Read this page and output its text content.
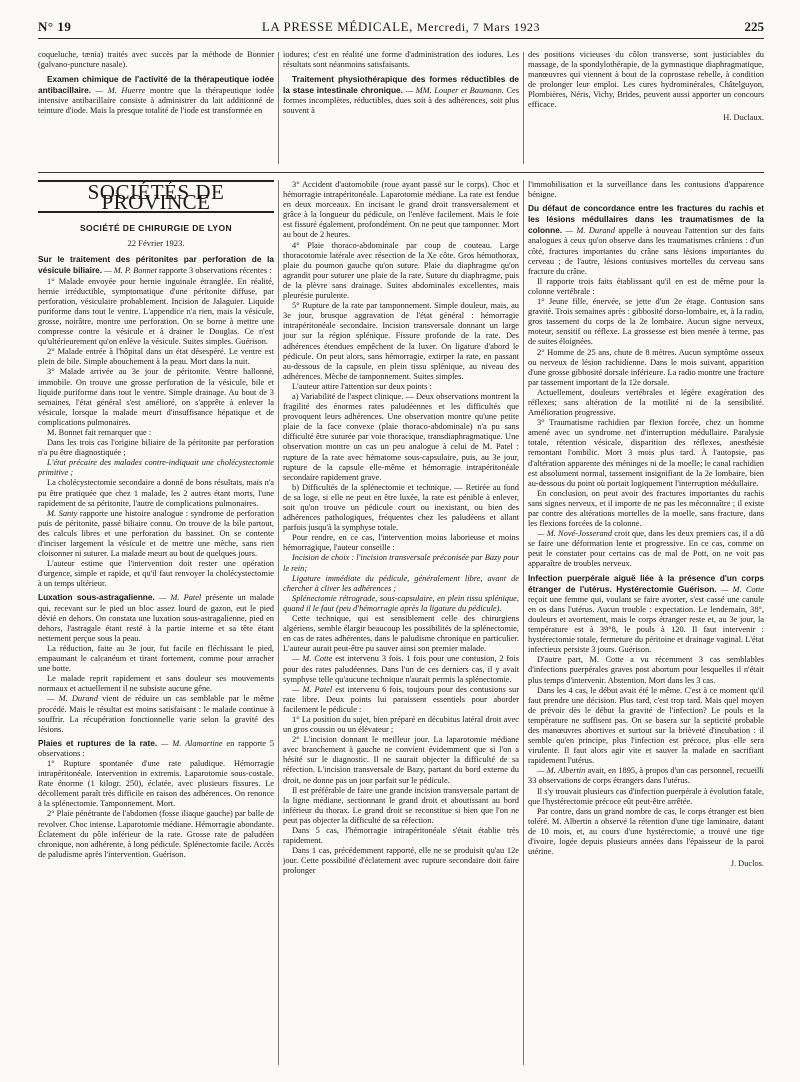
N° 19	LA PRESSE MÉDICALE, Mercredi, 7 Mars 1923	225

coqueluche, tænia) traités avec succès par la méthode de Bonnier (galvano-puncture nasale).

Examen chimique de l'activité de la thérapeutique iodée antibacillaire. — M. Huerre montre que la thérapeutique iodée intensive antibacillaire consiste à administrer du lait additionné de teinture d'iode. Mais la presque totalité de l'iode est transformée en

iodures; c'est en réalité une forme d'administration des iodures. Les résultats sont néanmoins satisfaisants.

Traitement physiothérapique des formes réductibles de la stase intestinale chronique. — MM. Louper et Baumann. Ces formes incomplètes, réductibles, dues soit à des adhérences, soit plus souvent à

des positions vicieuses du côlon transverse, sont justiciables du massage, de la spondylothérapie, de la gymnastique diaphragmatique, manœuvres qui viennent à bout de la coprostase rebelle, à condition de prolonger leur emploi. Les cures hydrominérales, Châtelguyon, Plombières, Néris, Vichy, Brides, peuvent aussi apporter un concours efficace.

H. Duclaux.
SOCIÉTÉS DE PROVINCE
SOCIÉTÉ DE CHIRURGIE DE LYON
22 Février 1923.

Sur le traitement des péritonites par perforation de la vésicule biliaire. — M. P. Bonnet rapporte 3 observations récentes :

1° Malade envoyée pour hernie inguinale étranglée. En réalité, hernie irréductible, symptomatique d'une péritonite diffuse, par perforation, vésiculaire probablement. Incision de Jalaguier. Liquide puriforme dans tout le ventre. L'appendice n'a rien, mais la vésicule, grosse, noirâtre, montre une perforation. On se borne à mettre une compresse contre la vésicule et à drainer le Douglas. Ce n'est qu'ultérieurement qu'on enlève la vésicule. Suites simples. Guérison.

2° Malade entrée à l'hôpital dans un état désespéré. Le ventre est plein de bile. Simple abouchement à la peau. Mort dans la nuit.

3° Malade arrivée au 3e jour de péritonite. Ventre ballonné, immobile. On trouve une grosse perforation de la vésicule, bile et liquide puriforme dans tout le ventre. Simple drainage. Au bout de 3 semaines, l'état général s'est amélioré, on s'apprête à enlever la vésicule, lorsque la malade meurt d'insuffisance hépatique et de complications pulmonaires.

M. Bonnet fait remarquer que :

Dans les trois cas l'origine biliaire de la péritonite par perforation n'a pu être diagnostiquée ;

L'état précaire des malades contre-indiquait une cholécystectomie primitive ;

La cholécystectomie secondaire a donné de bons résultats, mais n'a pu être pratiquée que chez 1 malade, les 2 autres étant morts, l'une rapidement de sa péritonite, l'autre de complications pulmonaires.

M. Santy rapporte une histoire analogue : syndrome de perforation puis de péritonite, passé biliaire connu. On trouve de la bile partout, des calculs libres et une perforation du bassinet. On se contente d'inciser largement la vésicule et de mettre une mèche, sans rien cloisonner ni suturer. La malade meurt au bout de quelques jours.

L'auteur estime que l'intervention doit rester une opération d'urgence, simple et rapide, et qu'il faut renvoyer la cholécystectomie à un temps ultérieur.

Luxation sous-astragalienne. — M. Patel présente un malade qui, recevant sur le pied un bloc assez lourd de gazon, eut le pied dévié en dehors. On constata une luxation sous-astragalienne, pied en dehors, l'astragale étant resté à la partie interne et sa tête étant nettement perçue sous la peau.

La réduction, faite au 3e jour, fut facile en fléchissant le pied, empaumant le calcanéum et tirant fortement, comme pour arracher une botte.

Le malade reprit rapidement et sans douleur ses mouvements normaux et actuellement il ne subsiste aucune gêne.

— M. Durand vient de réduire un cas semblable par le même procédé. Mais le résultat est moins satisfaisant : le malade continue à souffrir. La récupération fonctionnelle varie selon la gravité des lésions.

Plaies et ruptures de la rate. — M. Alamartine en rapporte 5 observations :

1° Rupture spontanée d'une rate paludique. Hémorragie intrapéritonéale. Intervention in extremis. Laparotomie sous-costale. Rate énorme (1 kilogr. 250), éclatée, avec plusieurs fissures. Le décollement paraît très difficile en raison des adhérences. On renonce à la splénectomie. Tamponnement. Mort.

2° Plaie pénétrante de l'abdomen (fosse iliaque gauche) par balle de revolver. Choc intense. Laparotomie médiane. Hémorragie abondante. Éclatement du pôle inférieur de la rate. Grosse rate de paludéen chronique, non adhérente, à long pédicule. Splénectomie facile. Accès de paludisme après l'intervention. Guérison.

3° Accident d'automobile (roue ayant passé sur le corps). Choc et hémorragie intrapéritonéale. Laparotomie médiane. La rate est fendue en deux morceaux. En incisant le grand droit transversalement et grâce à la longueur du pédicule, on l'enlève facilement. Mais le foie est fissuré également, profondément. On ne peut que tamponner. Mort au bout de 2 heures.

4° Plaie thoraco-abdominale par coup de couteau. Large thoracotomie latérale avec résection de la Xe côte. Gros hémothorax, plaie du poumon gauche qu'on suture. Plaie du diaphragme qu'on agrandit pour suturer une plaie de la rate. Suture du diaphragme, puis de la plèvre sans drainage. Suites abdominales excellentes, mais pleurésie purulente.

5° Rupture de la rate par tamponnement. Simple douleur, mais, au 3e jour, brusque aggravation de l'état général : hémorragie intrapéritonéale secondaire. Incision transversale donnant un large jour sur la région splénique. Fissure profonde de la rate. Des adhérences étendues empêchent de la luxer. On ligature d'abord le pédicule. On peut alors, sans hémorragie, extirper la rate, en passant au-dessous de la capsule, en plein tissu splénique, au niveau des adhérences. Mèche de tamponnement. Suites simples.

L'auteur attire l'attention sur deux points :

a) Variabilité de l'aspect clinique. — Deux observations montrent la fragilité des énormes rates paludéennes et les difficultés que provoquent leurs adhérences. Une observation montre qu'une petite plaie de la face convexe (plaie thoraco-abdominale) n'a pu sans difficulté être suturée par voie thoracique, transdiaphragmatique. Une observation montre un cas un peu analogue à celui de M. Patel : rupture de la rate avec hématome sous-capsulaire, puis, au 3e jour, rupture de la capsule elle-même et hémorragie intrapéritonéale secondaire rapidement grave.

b) Difficultés de la splénectomie et technique. — Retirée au fond de sa loge, si elle ne peut en être luxée, la rate est pénible à enlever, soit qu'on trouve un pédicule court ou inexistant, ou bien des adhérences pathologiques, fréquentes chez les paludéens et allant parfois jusqu'à la symphyse totale.

Pour rendre, en ce cas, l'intervention moins laborieuse et moins hémorragique, l'auteur conseille :

Incision de choix : l'incision transversale préconisée par Bazy pour le rein;

Ligature immédiate du pédicule, généralement libre, avant de chercher à cliver les adhérences ;

Splénectomie rétrograde, sous-capsulaire, en plein tissu splénique, quand il le faut (peu d'hémorragie après la ligature du pédicule).

Cette technique, qui est sensiblement celle des chirurgiens algériens, semble élargir beaucoup les possibilités de la splénectomie, en cas de rates adhérentes, dans le paludisme chronique en particulier. L'auteur aurait peut-être pu sauver ainsi son premier malade.

— M. Cotte est intervenu 3 fois. 1 fois pour une contusion, 2 fois pour des rates paludéennes. Dans l'un de ces derniers cas, il y avait symphyse telle qu'aucune technique n'aurait permis la splénectomie.

— M. Patel est intervenu 6 fois, toujours pour des contusions sur rate libre. Deux points lui paraissent essentiels pour aborder facilement le pédicule :

1° La position du sujet, bien préparé en décubitus latéral droit avec un gros coussin ou un élévateur ;

2° L'incision donnant le meilleur jour. La laparotomie médiane avec branchement à gauche ne convient évidemment que si l'on a hésité sur le diagnostic. Il ne saurait objecter la difficulté de sa réfection. L'incision transversale de Bazy, partant du bord externe du droit, ne donne pas un jour parfait sur le pédicule.

Il est préférable de faire une grande incision transversale partant de la ligne médiane, sectionnant le grand droit et aboutissant au bord inférieur du thorax. Le grand droit se reconstitue si bien que l'on ne peut pas objecter la difficulté de sa réfection.

Dans 5 cas, l'hémorragie intrapéritonéale s'était établie très rapidement.

Dans 1 cas, précédemment rapporté, elle ne se produisit qu'au 12e jour. Cette possibilité d'éclatement avec rupture secondaire doit faire prolonger

l'immobilisation et la surveillance dans les contusions d'apparence bénigne.

Du défaut de concordance entre les fractures du rachis et les lésions médullaires dans les traumatismes de la colonne. — M. Durand appelle à nouveau l'attention sur des faits analogues à ceux qu'on observe dans les traumatismes crâniens : d'un côté, fractures importantes du crâne sans lésions importantes du cerveau ; de l'autre, lésions contusives mortelles du cerveau sans fracture du crâne.

Il rapporte trois faits établissant qu'il en est de même pour la colonne vertébrale :

1° Jeune fille, énervée, se jette d'un 2e étage. Contusion sans gravité. Trois semaines après : gibbosité dorso-lombaire, et, à la radio, gros tassement du corps de la 2e lombaire. Aucun signe nerveux, moteur, sensitif ou réflexe. La grossesse est bien menée à terme, pas de suites éloignées.

2° Homme de 25 ans, chute de 8 mètres. Aucun symptôme osseux ou nerveux de lésion rachidienne. Dans le mois suivant, apparition d'une grosse gibbosité dorsale inférieure. La radio montre une fracture par tassement important de la 12e dorsale.

Actuellement, douleurs vertébrales et légère exagération des réflexes; sans altération de la motilité ni de la sensibilité. Amélioration progressive.

3° Traumatisme rachidien par flexion forcée, chez un homme amené avec un syndrome net d'interruption médullaire. Paralysie totale, rétention vésicale, disparition des réflexes, anesthésie remontant l'ombilic. Mort 3 mois plus tard. À l'autopsie, pas d'altération apparente des méninges ni de la moelle; le canal rachidien est absolument normal, tassement insignifiant de la 2e lombaire, bien au-dessous du point où portait logiquement l'interruption médullaire.

En conclusion, on peut avoir des fractures importantes du rachis sans signes nerveux, et il importe de ne pas les méconnaître ; il existe par contre des altérations mortelles de la moelle, sans fracture, dans les flexions forcées de la colonne.

— M. Nové-Josserand croit que, dans les deux premiers cas, il a dû se faire une déformation lente et progressive. En ce cas, comme on peut le constater pour certains cas de mal de Pott, on ne voit pas apparaître de troubles nerveux.

Infection puerpérale aiguë liée à la présence d'un corps étranger de l'utérus. Hystérectomie Guérison. — M. Cotte reçoit une femme qui, voulant se faire avorter, s'est cassé une canule en os dans l'utérus. Aucun trouble : expectation. Le lendemain, 38°, douleurs et avortement, mais le corps étranger reste et, au 3e jour, la température est à 39°8, le pouls à 120. Il faut intervenir : hystérectomie totale, fermeture du péritoine et drainage vaginal. L'état infectieux persiste 3 jours. Guérison.

D'autre part, M. Cotte a vu récemment 3 cas semblables d'infections puerpérales graves post abortum pour lesquelles il n'était plus temps d'intervenir. Abstention. Mort dans les 3 cas.

Dans les 4 cas, le début avait été le même. C'est à ce moment qu'il faut prendre une décision. Plus tard, c'est trop tard. Mais quel moyen de prévoir dès le début la gravité de l'infection? Le pouls et la température ne suffisent pas. On se basera sur la septicité probable des manœuvres abortives et surtout sur la brièveté d'incubation : il semble qu'en principe, plus l'infection est précoce, plus elle sera virulente. Il faut alors agir vite et sauver la malade en sacrifiant rapidement l'utérus.

— M. Albertin avait, en 1895, à propos d'un cas personnel, recueilli 33 observations de corps étrangers dans l'utérus.

Il s'y trouvait plusieurs cas d'infection puerpérale à évolution fatale, que l'hystérectomie précoce eût peut-être arrêtée.

Par contre, dans un grand nombre de cas, le corps étranger est bien toléré. M. Albertin a observé la rétention d'une tige laminaire, datant de 10 mois, et, au cours d'une hystérectomie, a trouvé une tige d'ivoire, logée depuis plusieurs années dans l'épaisseur de la paroi utérine.

J. Duclos.
